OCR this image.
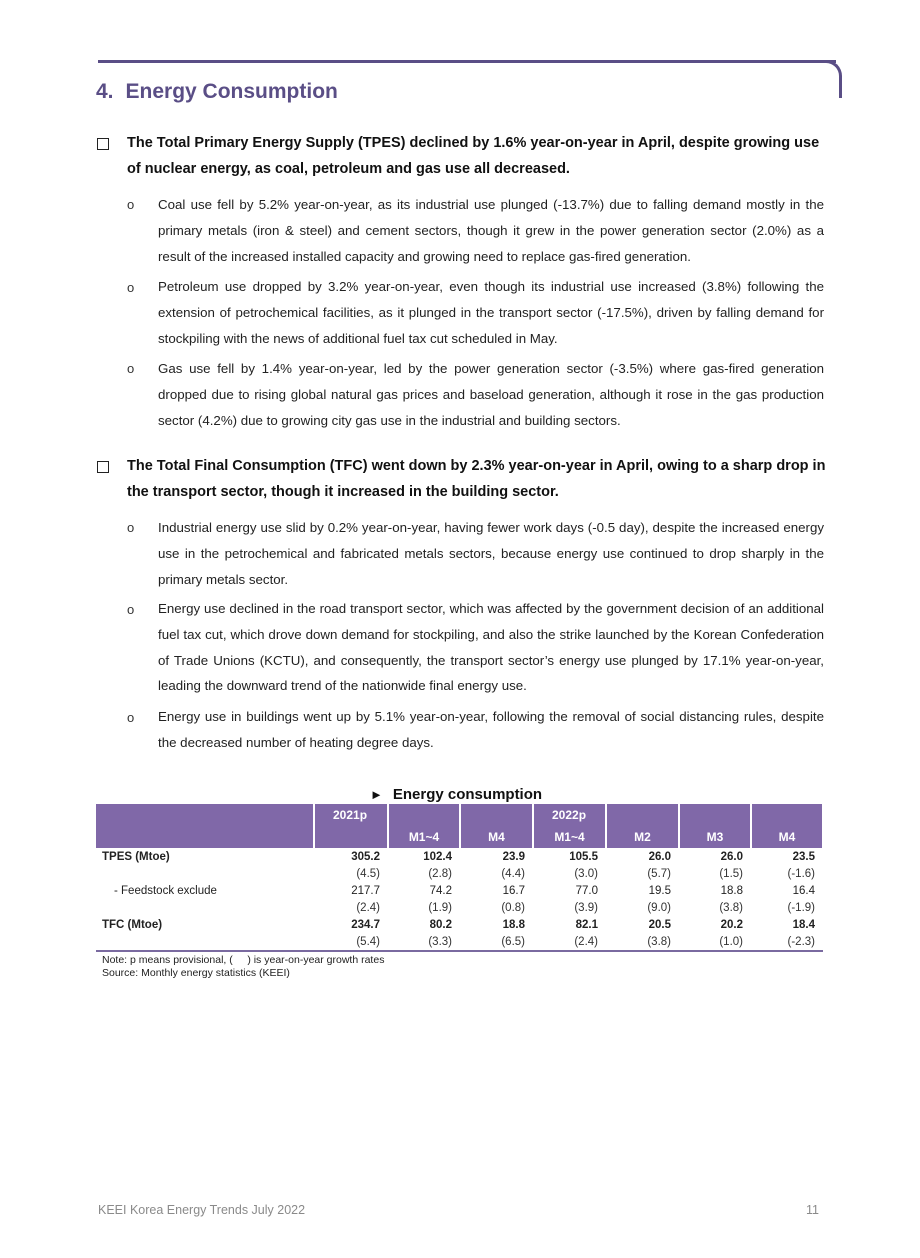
4. Energy Consumption

The Total Primary Energy Supply (TPES) declined by 1.6% year-on-year in April, despite growing use of nuclear energy, as coal, petroleum and gas use all decreased.

o Coal use fell by 5.2% year-on-year, as its industrial use plunged (-13.7%) due to falling demand mostly in the primary metals (iron & steel) and cement sectors, though it grew in the power generation sector (2.0%) as a result of the increased installed capacity and growing need to replace gas-fired generation.

o Petroleum use dropped by 3.2% year-on-year, even though its industrial use increased (3.8%) following the extension of petrochemical facilities, as it plunged in the transport sector (-17.5%), driven by falling demand for stockpiling with the news of additional fuel tax cut scheduled in May.

o Gas use fell by 1.4% year-on-year, led by the power generation sector (-3.5%) where gas-fired generation dropped due to rising global natural gas prices and baseload generation, although it rose in the gas production sector (4.2%) due to growing city gas use in the industrial and building sectors.

The Total Final Consumption (TFC) went down by 2.3% year-on-year in April, owing to a sharp drop in the transport sector, though it increased in the building sector.

o Industrial energy use slid by 0.2% year-on-year, having fewer work days (-0.5 day), despite the increased energy use in the petrochemical and fabricated metals sectors, because energy use continued to drop sharply in the primary metals sector.

o Energy use declined in the road transport sector, which was affected by the government decision of an additional fuel tax cut, which drove down demand for stockpiling, and also the strike launched by the Korean Confederation of Trade Unions (KCTU), and consequently, the transport sector’s energy use plunged by 17.1% year-on-year, leading the downward trend of the nationwide final energy use.

o Energy use in buildings went up by 5.1% year-on-year, following the removal of social distancing rules, despite the decreased number of heating degree days.

► Energy consumption
	2021p			2022p			
		M1~4	M4	M1~4	M2	M3	M4
TPES (Mtoe)	305.2	102.4	23.9	105.5	26.0	26.0	23.5
	(4.5)	(2.8)	(4.4)	(3.0)	(5.7)	(1.5)	(-1.6)
- Feedstock exclude	217.7	74.2	16.7	77.0	19.5	18.8	16.4
	(2.4)	(1.9)	(0.8)	(3.9)	(9.0)	(3.8)	(-1.9)
TFC (Mtoe)	234.7	80.2	18.8	82.1	20.5	20.2	18.4
	(5.4)	(3.3)	(6.5)	(2.4)	(3.8)	(1.0)	(-2.3)
Note: p means provisional, (     ) is year-on-year growth rates
Source: Monthly energy statistics (KEEI)
KEEI Korea Energy Trends July 2022	11
